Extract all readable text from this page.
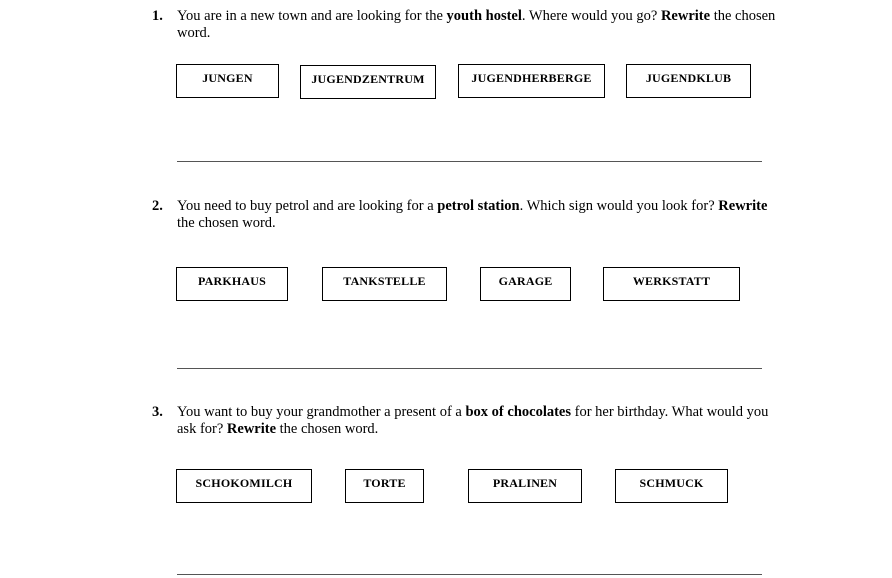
1. You are in a new town and are looking for the youth hostel. Where would you go? Rewrite the chosen word.
JUNGEN	JUGENDZENTRUM	JUGENDHERBERGE	JUGENDKLUB
2. You need to buy petrol and are looking for a petrol station. Which sign would you look for? Rewrite the chosen word.
PARKHAUS	TANKSTELLE	GARAGE	WERKSTATT
3. You want to buy your grandmother a present of a box of chocolates for her birthday. What would you ask for? Rewrite the chosen word.
SCHOKOMILCH	TORTE	PRALINEN	SCHMUCK
